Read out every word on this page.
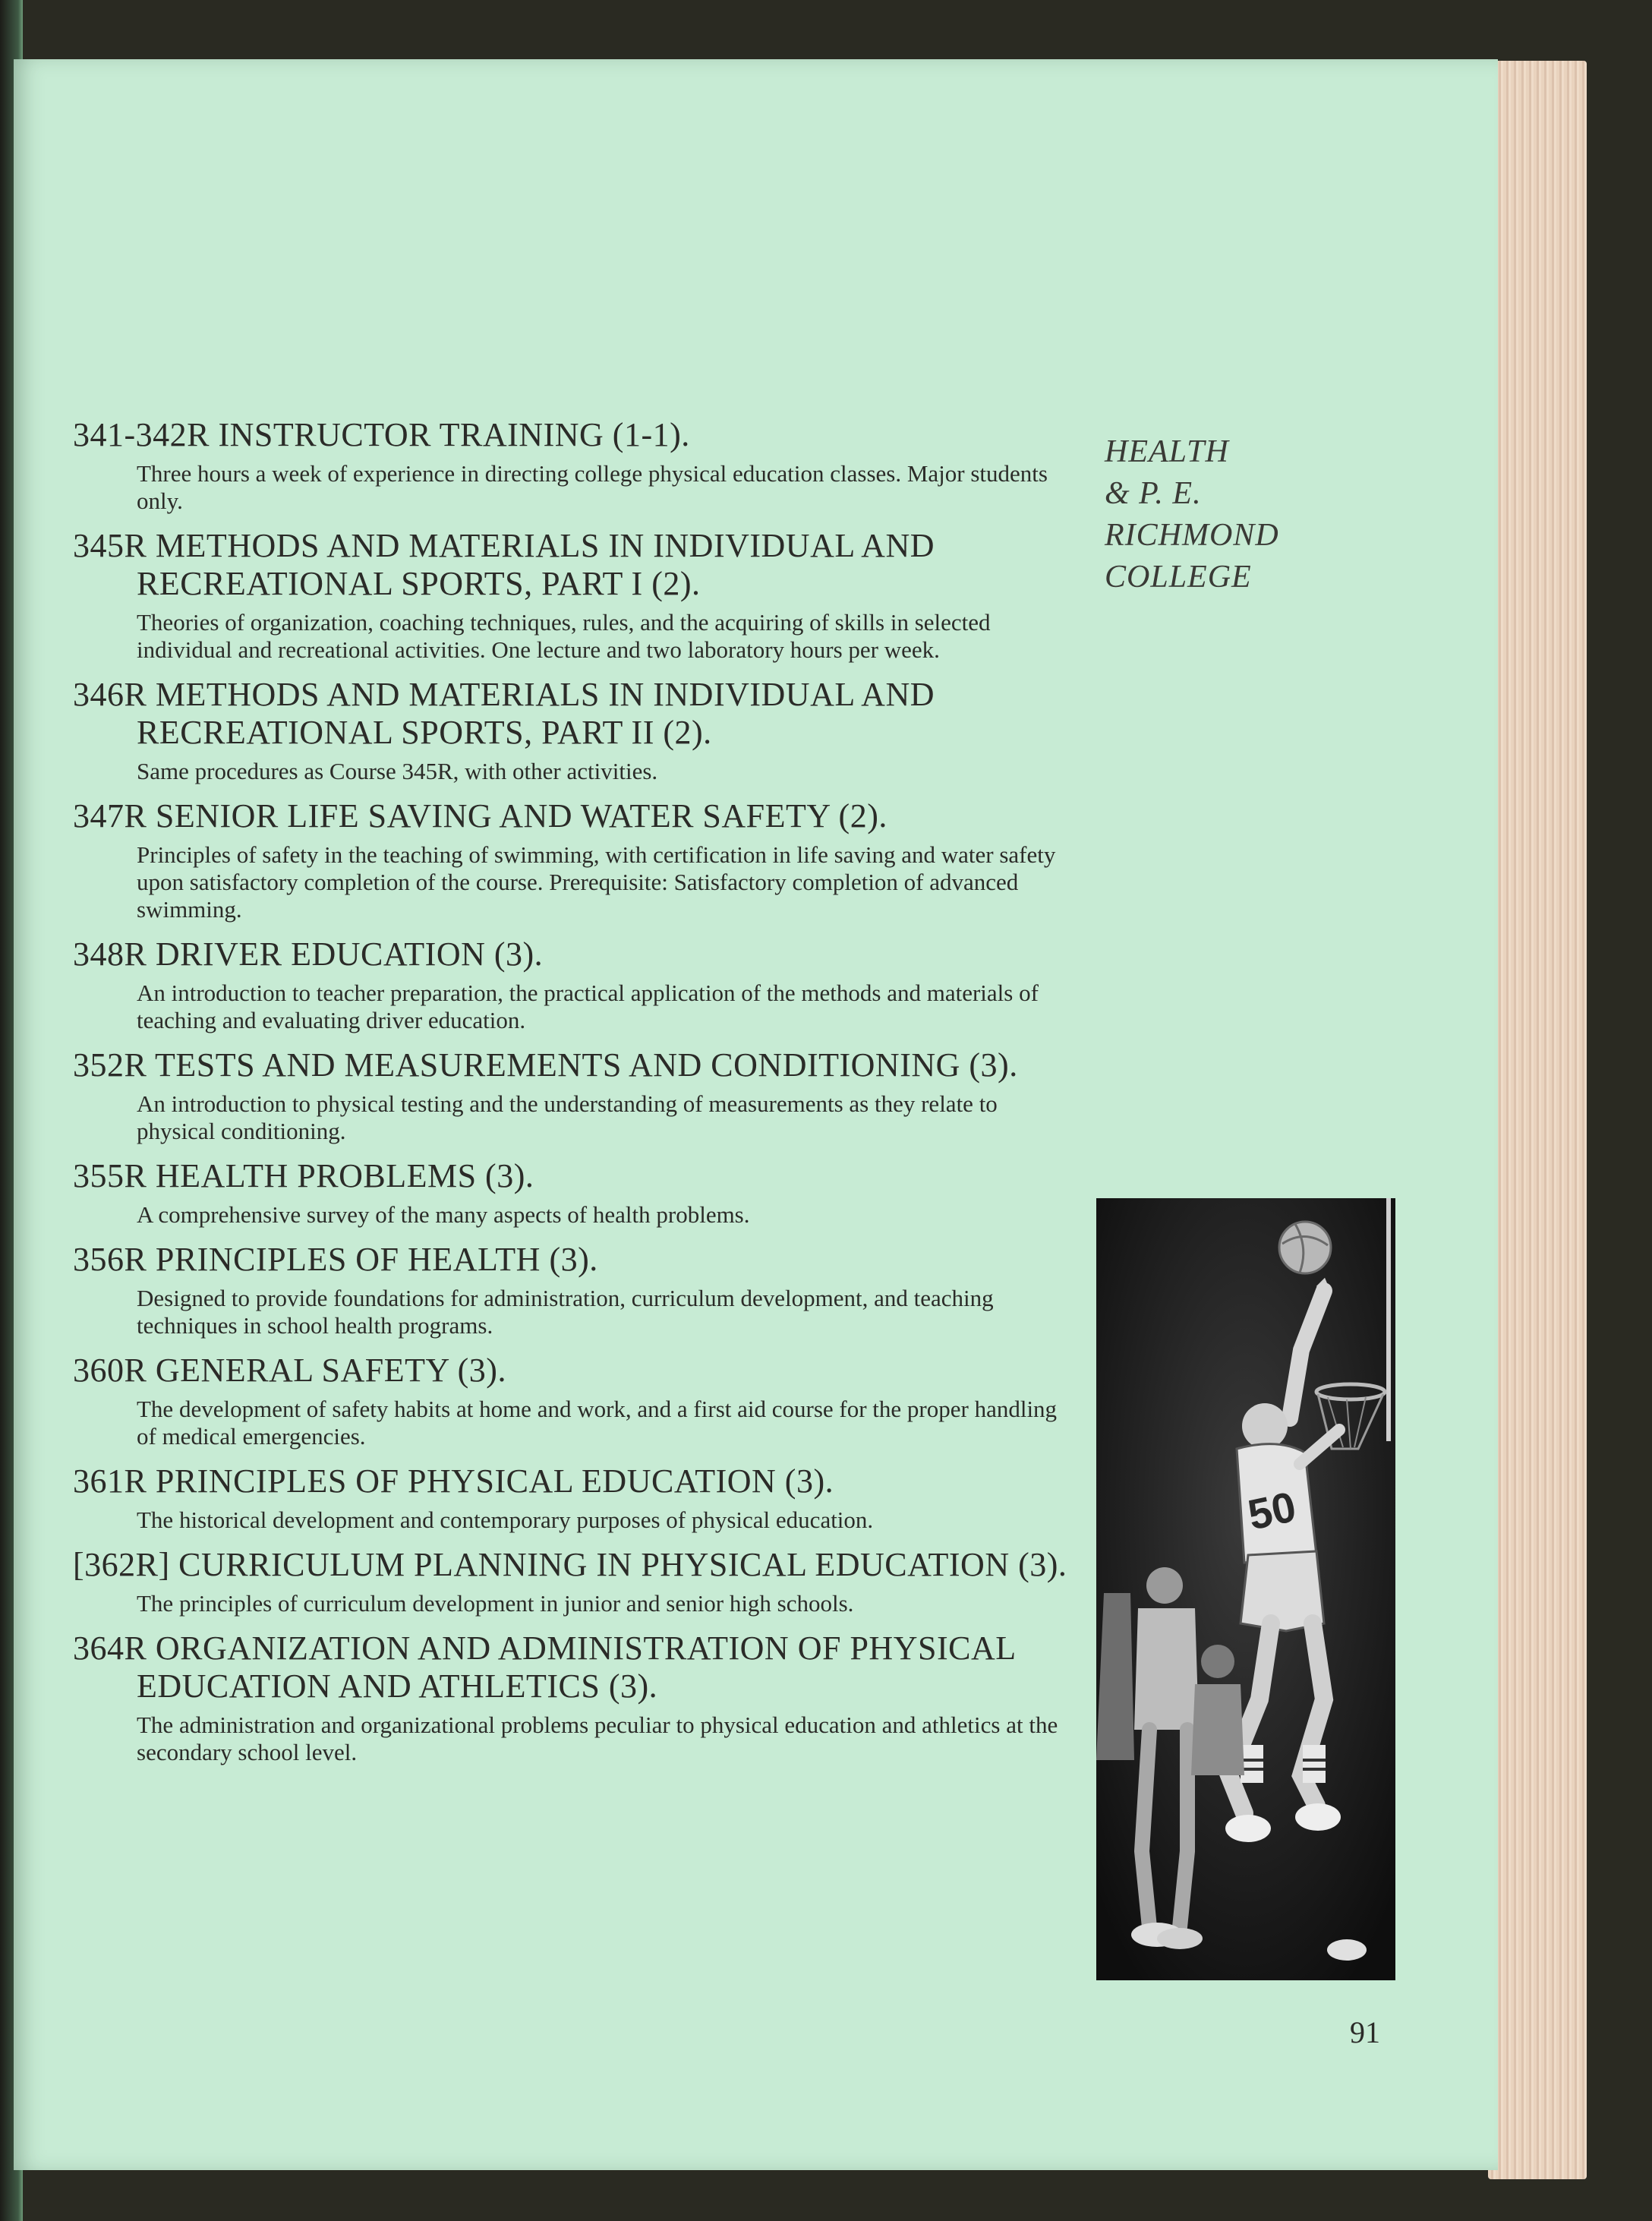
341-342R INSTRUCTOR TRAINING (1-1).

Three hours a week of experience in directing college physical education classes. Major students only.

345R METHODS AND MATERIALS IN INDIVIDUAL AND RECREATIONAL SPORTS, PART I (2).

Theories of organization, coaching techniques, rules, and the acquiring of skills in selected individual and recreational activities. One lecture and two laboratory hours per week.

346R METHODS AND MATERIALS IN INDIVIDUAL AND RECREATIONAL SPORTS, PART II (2).

Same procedures as Course 345R, with other activities.

347R SENIOR LIFE SAVING AND WATER SAFETY (2).

Principles of safety in the teaching of swimming, with certification in life saving and water safety upon satisfactory completion of the course. Prerequisite: Satisfactory completion of advanced swimming.

348R DRIVER EDUCATION (3).

An introduction to teacher preparation, the practical application of the methods and materials of teaching and evaluating driver education.

352R TESTS AND MEASUREMENTS AND CONDITIONING (3).

An introduction to physical testing and the understanding of measurements as they relate to physical conditioning.

355R HEALTH PROBLEMS (3).

A comprehensive survey of the many aspects of health problems.

356R PRINCIPLES OF HEALTH (3).

Designed to provide foundations for administration, curriculum development, and teaching techniques in school health programs.

360R GENERAL SAFETY (3).

The development of safety habits at home and work, and a first aid course for the proper handling of medical emergencies.

361R PRINCIPLES OF PHYSICAL EDUCATION (3).

The historical development and contemporary purposes of physical education.

[362R] CURRICULUM PLANNING IN PHYSICAL EDUCATION (3).

The principles of curriculum development in junior and senior high schools.

364R ORGANIZATION AND ADMINISTRATION OF PHYSICAL EDUCATION AND ATHLETICS (3).

The administration and organizational problems peculiar to physical education and athletics at the secondary school level.

HEALTH
& P. E.
RICHMOND
COLLEGE
50
91
